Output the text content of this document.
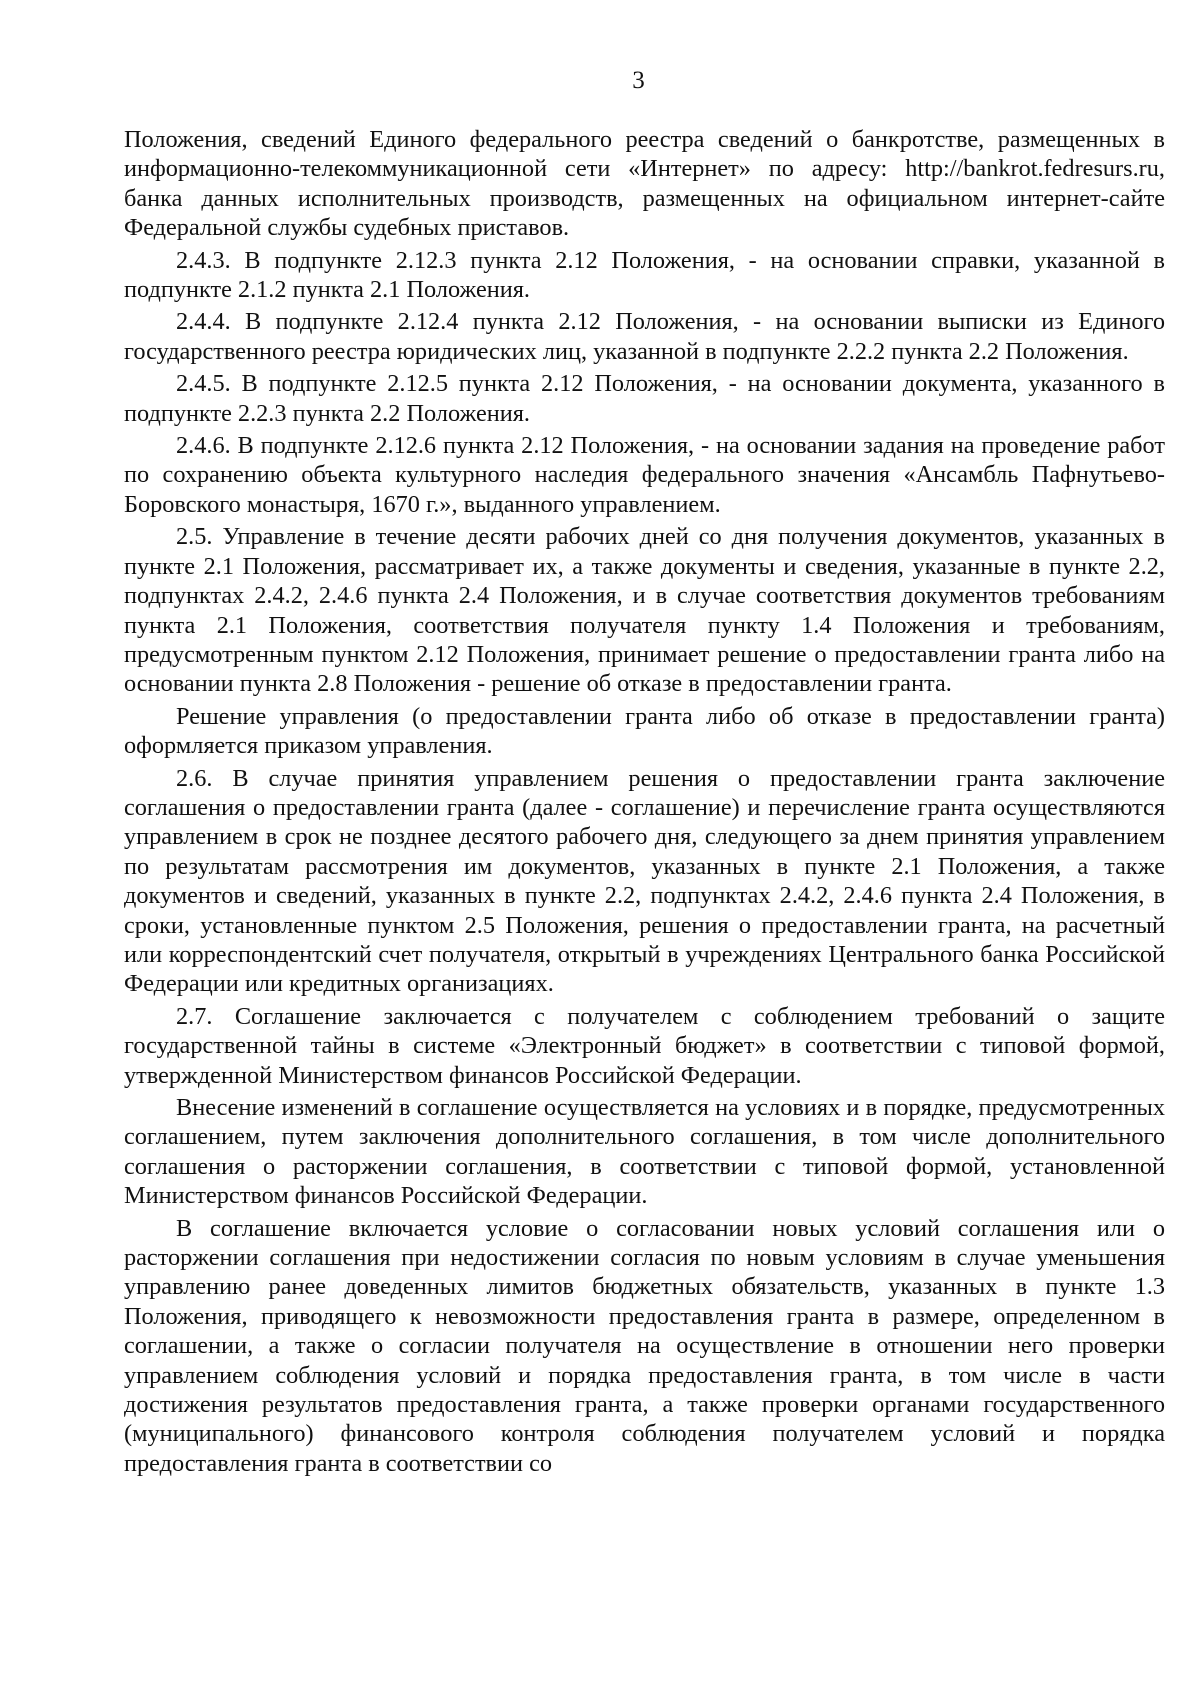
3

Положения, сведений Единого федерального реестра сведений о банкротстве, размещенных в информационно-телекоммуникационной сети «Интернет» по адресу: http://bankrot.fedresurs.ru, банка данных исполнительных производств, размещенных на официальном интернет-сайте Федеральной службы судебных приставов.

2.4.3. В подпункте 2.12.3 пункта 2.12 Положения, - на основании справки, указанной в подпункте 2.1.2 пункта 2.1 Положения.

2.4.4. В подпункте 2.12.4 пункта 2.12 Положения, - на основании выписки из Единого государственного реестра юридических лиц, указанной в подпункте 2.2.2 пункта 2.2 Положения.

2.4.5. В подпункте 2.12.5 пункта 2.12 Положения, - на основании документа, указанного в подпункте 2.2.3 пункта 2.2 Положения.

2.4.6. В подпункте 2.12.6 пункта 2.12 Положения, - на основании задания на проведение работ по сохранению объекта культурного наследия федерального значения «Ансамбль Пафнутьево-Боровского монастыря, 1670 г.», выданного управлением.

2.5. Управление в течение десяти рабочих дней со дня получения документов, указанных в пункте 2.1 Положения, рассматривает их, а также документы и сведения, указанные в пункте 2.2, подпунктах 2.4.2, 2.4.6 пункта 2.4 Положения, и в случае соответствия документов требованиям пункта 2.1 Положения, соответствия получателя пункту 1.4 Положения и требованиям, предусмотренным пунктом 2.12 Положения, принимает решение о предоставлении гранта либо на основании пункта 2.8 Положения - решение об отказе в предоставлении гранта.

Решение управления (о предоставлении гранта либо об отказе в предоставлении гранта) оформляется приказом управления.

2.6. В случае принятия управлением решения о предоставлении гранта заключение соглашения о предоставлении гранта (далее - соглашение) и перечисление гранта осуществляются управлением в срок не позднее десятого рабочего дня, следующего за днем принятия управлением по результатам рассмотрения им документов, указанных в пункте 2.1 Положения, а также документов и сведений, указанных в пункте 2.2, подпунктах 2.4.2, 2.4.6 пункта 2.4 Положения, в сроки, установленные пунктом 2.5 Положения, решения о предоставлении гранта, на расчетный или корреспондентский счет получателя, открытый в учреждениях Центрального банка Российской Федерации или кредитных организациях.

2.7. Соглашение заключается с получателем с соблюдением требований о защите государственной тайны в системе «Электронный бюджет» в соответствии с типовой формой, утвержденной Министерством финансов Российской Федерации.

Внесение изменений в соглашение осуществляется на условиях и в порядке, предусмотренных соглашением, путем заключения дополнительного соглашения, в том числе дополнительного соглашения о расторжении соглашения, в соответствии с типовой формой, установленной Министерством финансов Российской Федерации.

В соглашение включается условие о согласовании новых условий соглашения или о расторжении соглашения при недостижении согласия по новым условиям в случае уменьшения управлению ранее доведенных лимитов бюджетных обязательств, указанных в пункте 1.3 Положения, приводящего к невозможности предоставления гранта в размере, определенном в соглашении, а также о согласии получателя на осуществление в отношении него проверки управлением соблюдения условий и порядка предоставления гранта, в том числе в части достижения результатов предоставления гранта, а также проверки органами государственного (муниципального) финансового контроля соблюдения получателем условий и порядка предоставления гранта в соответствии со
